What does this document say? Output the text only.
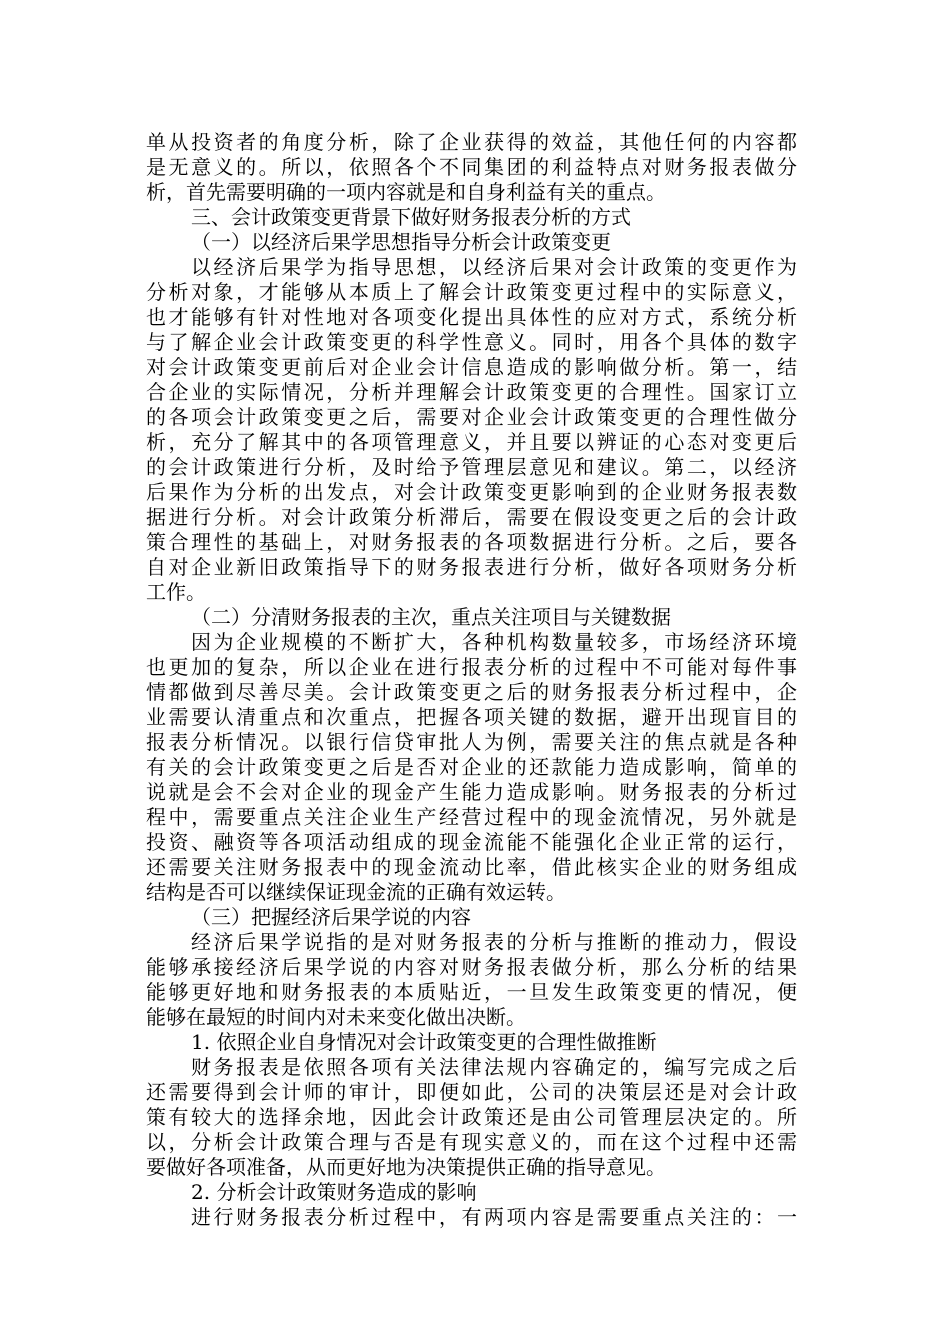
单从投资者的角度分析，除了企业获得的效益，其他任何的内容都
是无意义的。所以，依照各个不同集团的利益特点对财务报表做分
析，首先需要明确的一项内容就是和自身利益有关的重点。
三、会计政策变更背景下做好财务报表分析的方式
（一）以经济后果学思想指导分析会计政策变更
以经济后果学为指导思想，以经济后果对会计政策的变更作为
分析对象，才能够从本质上了解会计政策变更过程中的实际意义，
也才能够有针对性地对各项变化提出具体性的应对方式，系统分析
与了解企业会计政策变更的科学性意义。同时，用各个具体的数字
对会计政策变更前后对企业会计信息造成的影响做分析。第一，结
合企业的实际情况，分析并理解会计政策变更的合理性。国家订立
的各项会计政策变更之后，需要对企业会计政策变更的合理性做分
析，充分了解其中的各项管理意义，并且要以辨证的心态对变更后
的会计政策进行分析，及时给予管理层意见和建议。第二，以经济
后果作为分析的出发点，对会计政策变更影响到的企业财务报表数
据进行分析。对会计政策分析滞后，需要在假设变更之后的会计政
策合理性的基础上，对财务报表的各项数据进行分析。之后，要各
自对企业新旧政策指导下的财务报表进行分析，做好各项财务分析
工作。
（二）分清财务报表的主次，重点关注项目与关键数据
因为企业规模的不断扩大，各种机构数量较多，市场经济环境
也更加的复杂，所以企业在进行报表分析的过程中不可能对每件事
情都做到尽善尽美。会计政策变更之后的财务报表分析过程中，企
业需要认清重点和次重点，把握各项关键的数据，避开出现盲目的
报表分析情况。以银行信贷审批人为例，需要关注的焦点就是各种
有关的会计政策变更之后是否对企业的还款能力造成影响，简单的
说就是会不会对企业的现金产生能力造成影响。财务报表的分析过
程中，需要重点关注企业生产经营过程中的现金流情况，另外就是
投资、融资等各项活动组成的现金流能不能强化企业正常的运行，
还需要关注财务报表中的现金流动比率，借此核实企业的财务组成
结构是否可以继续保证现金流的正确有效运转。
（三）把握经济后果学说的内容
经济后果学说指的是对财务报表的分析与推断的推动力，假设
能够承接经济后果学说的内容对财务报表做分析，那么分析的结果
能够更好地和财务报表的本质贴近，一旦发生政策变更的情况，便
能够在最短的时间内对未来变化做出决断。
1. 依照企业自身情况对会计政策变更的合理性做推断
财务报表是依照各项有关法律法规内容确定的，编写完成之后
还需要得到会计师的审计，即便如此，公司的决策层还是对会计政
策有较大的选择余地，因此会计政策还是由公司管理层决定的。所
以，分析会计政策合理与否是有现实意义的，而在这个过程中还需
要做好各项准备，从而更好地为决策提供正确的指导意见。
2. 分析会计政策财务造成的影响
进行财务报表分析过程中，有两项内容是需要重点关注的：一
